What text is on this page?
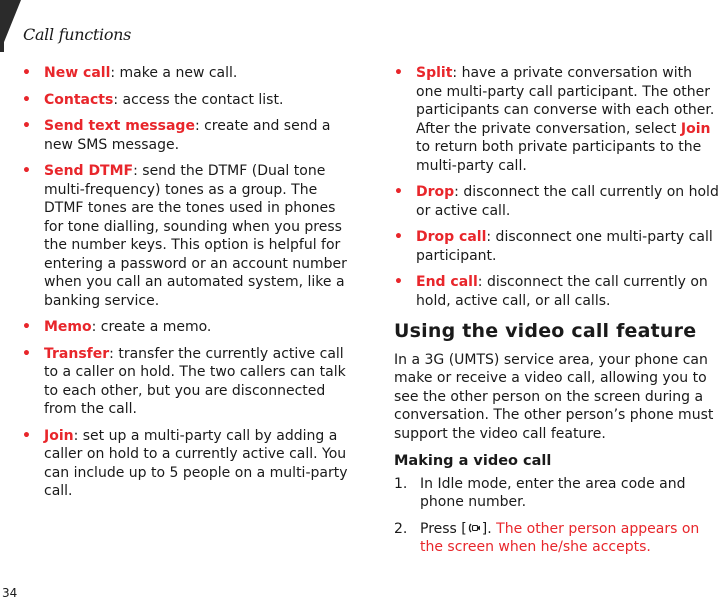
Call functions
• New call: make a new call.
• Contacts: access the contact list.
• Send text message: create and send a new SMS message.
• Send DTMF: send the DTMF (Dual tone multi-frequency) tones as a group. The DTMF tones are the tones used in phones for tone dialling, sounding when you press the number keys. This option is helpful for entering a password or an account number when you call an automated system, like a banking service.
• Memo: create a memo.
• Transfer: transfer the currently active call to a caller on hold. The two callers can talk to each other, but you are disconnected from the call.
• Join: set up a multi-party call by adding a caller on hold to a currently active call. You can include up to 5 people on a multi-party call.
• Split: have a private conversation with one multi-party call participant. The other participants can converse with each other. After the private conversation, select Join to return both private participants to the multi-party call.
• Drop: disconnect the call currently on hold or active call.
• Drop call: disconnect one multi-party call participant.
• End call: disconnect the call currently on hold, active call, or all calls.
Using the video call feature

In a 3G (UMTS) service area, your phone can make or receive a video call, allowing you to see the other person on the screen during a conversation. The other person’s phone must support the video call feature.

Making a video call
1. In Idle mode, enter the area code and phone number.
2. Press [ ]. The other person appears on the screen when he/she accepts.
34
